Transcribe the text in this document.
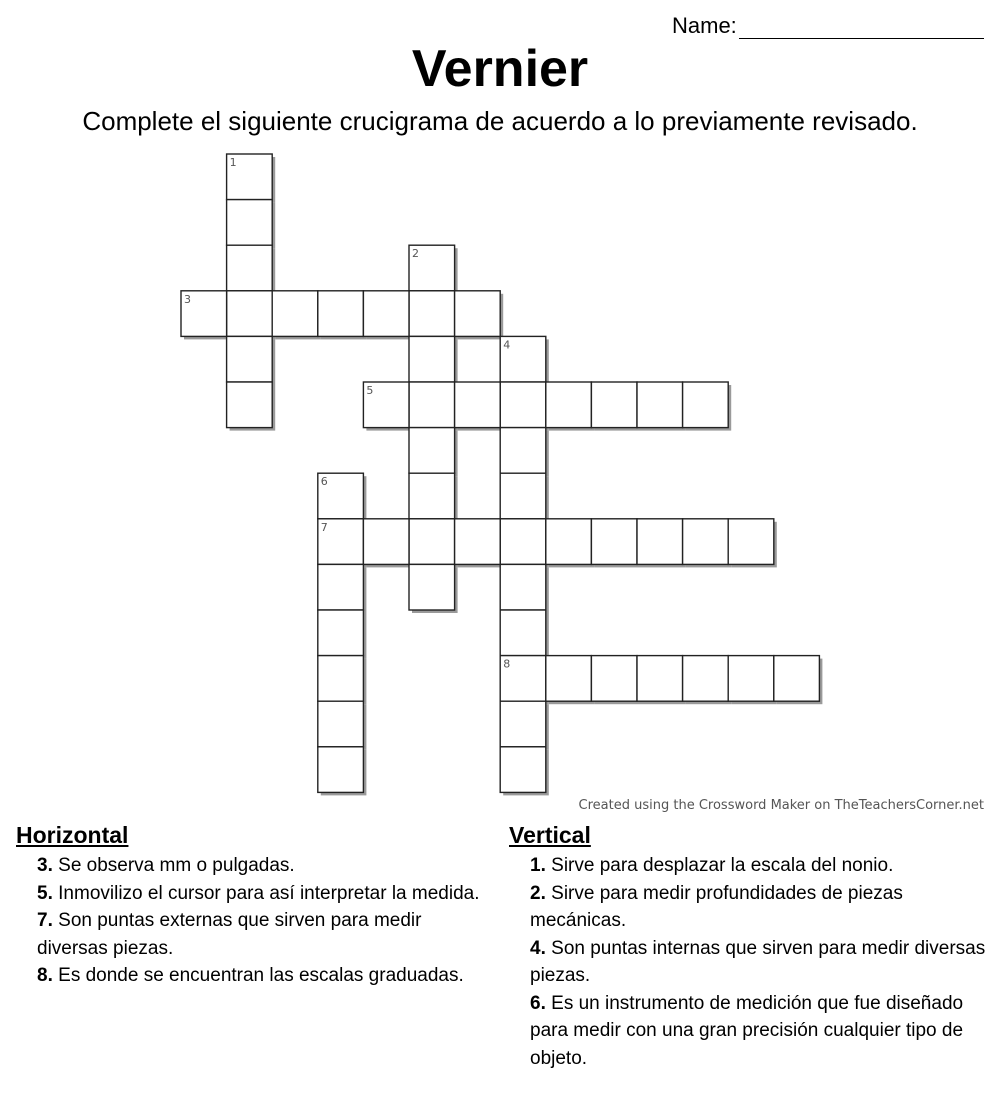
Name:
Vernier
Complete el siguiente crucigrama de acuerdo a lo previamente revisado.
1
2
3
4
5
6
7
8
Created using the Crossword Maker on TheTeachersCorner.net
Horizontal
3. Se observa mm o pulgadas.
5. Inmovilizo el cursor para así interpretar la medida.
7. Son puntas externas que sirven para medir diversas piezas.
8. Es donde se encuentran las escalas graduadas.
Vertical
1. Sirve para desplazar la escala del nonio.
2. Sirve para medir profundidades de piezas mecánicas.
4. Son puntas internas que sirven para medir diversas piezas.
6. Es un instrumento de medición que fue diseñado para medir con una gran precisión cualquier tipo de objeto.
